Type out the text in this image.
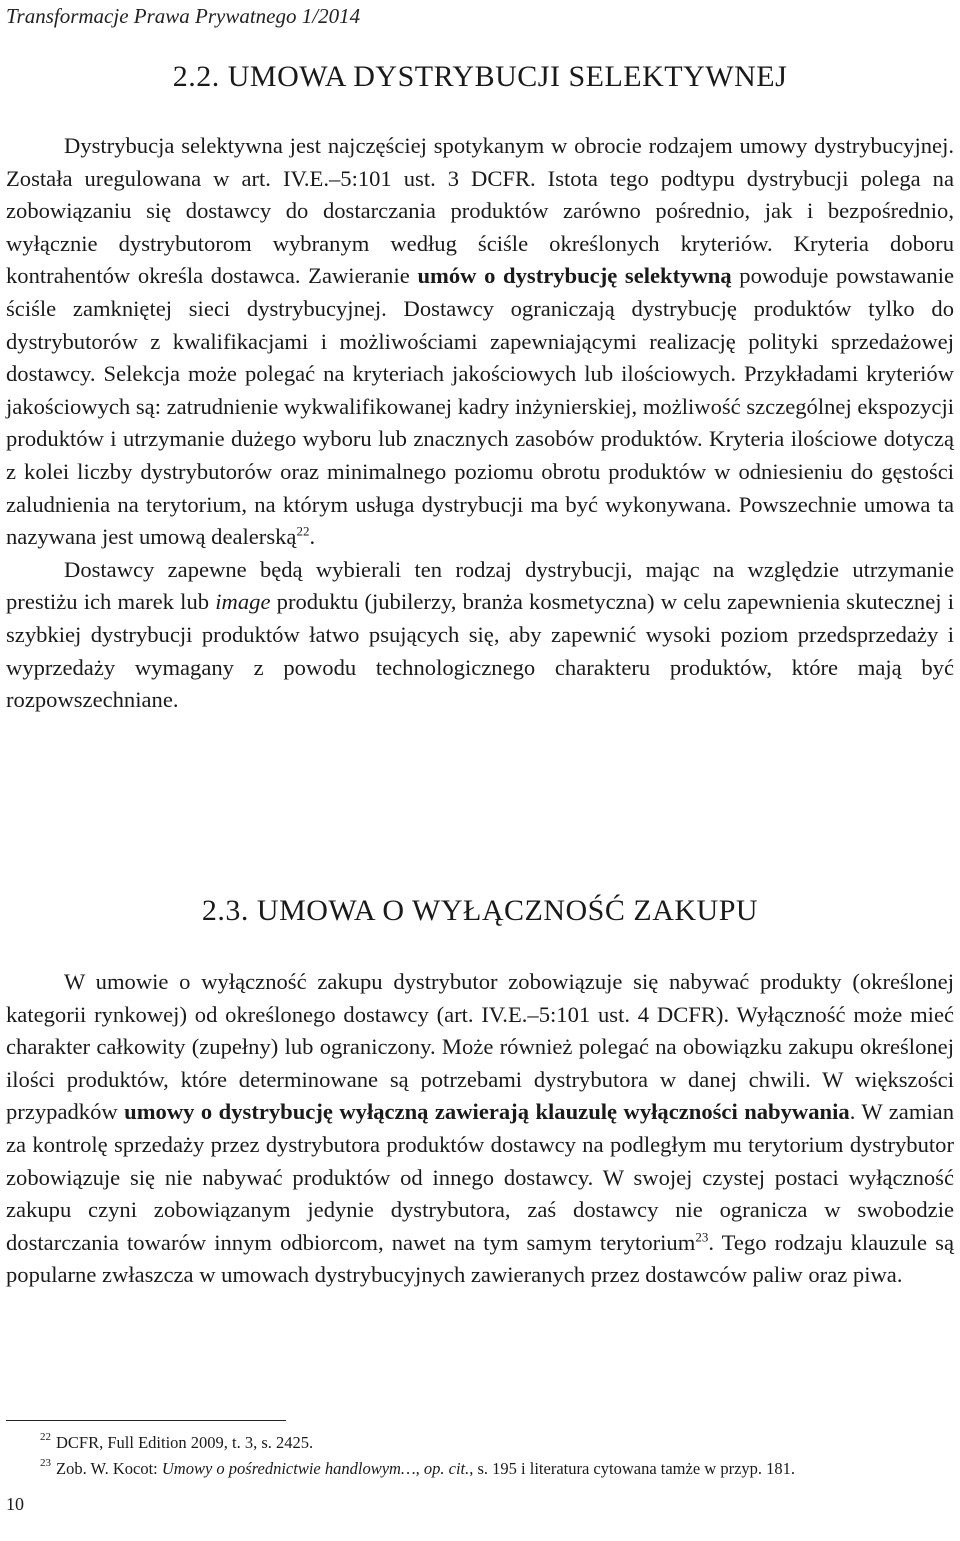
Transformacje Prawa Prywatnego 1/2014
2.2. UMOWA DYSTRYBUCJI SELEKTYWNEJ

Dystrybucja selektywna jest najczęściej spotykanym w obrocie rodzajem umowy dystrybucyjnej. Została uregulowana w art. IV.E.–5:101 ust. 3 DCFR. Istota tego podtypu dystrybucji polega na zobowiązaniu się dostawcy do dostarczania produktów zarówno pośrednio, jak i bezpośrednio, wyłącznie dystrybutorom wybranym według ściśle określonych kryteriów. Kryteria doboru kontrahentów określa dostawca. Zawieranie umów o dystrybucję selektywną powoduje powstawanie ściśle zamkniętej sieci dystrybucyjnej. Dostawcy ograniczają dystrybucję produktów tylko do dystrybutorów z kwalifikacjami i możliwościami zapewniającymi realizację polityki sprzedażowej dostawcy. Selekcja może polegać na kryteriach jakościowych lub ilościowych. Przykładami kryteriów jakościowych są: zatrudnienie wykwalifikowanej kadry inżynierskiej, możliwość szczególnej ekspozycji produktów i utrzymanie dużego wyboru lub znacznych zasobów produktów. Kryteria ilościowe dotyczą z kolei liczby dystrybutorów oraz minimalnego poziomu obrotu produktów w odniesieniu do gęstości zaludnienia na terytorium, na którym usługa dystrybucji ma być wykonywana. Powszechnie umowa ta nazywana jest umową dealerską$^{22}$.

Dostawcy zapewne będą wybierali ten rodzaj dystrybucji, mając na względzie utrzymanie prestiżu ich marek lub image produktu (jubilerzy, branża kosmetyczna) w celu zapewnienia skutecznej i szybkiej dystrybucji produktów łatwo psujących się, aby zapewnić wysoki poziom przedsprzedaży i wyprzedaży wymagany z powodu technologicznego charakteru produktów, które mają być rozpowszechniane.

2.3. UMOWA O WYŁĄCZNOŚĆ ZAKUPU

W umowie o wyłączność zakupu dystrybutor zobowiązuje się nabywać produkty (określonej kategorii rynkowej) od określonego dostawcy (art. IV.E.–5:101 ust. 4 DCFR). Wyłączność może mieć charakter całkowity (zupełny) lub ograniczony. Może również polegać na obowiązku zakupu określonej ilości produktów, które determinowane są potrzebami dystrybutora w danej chwili. W większości przypadków umowy o dystrybucję wyłączną zawierają klauzulę wyłączności nabywania. W zamian za kontrolę sprzedaży przez dystrybutora produktów dostawcy na podległym mu terytorium dystrybutor zobowiązuje się nie nabywać produktów od innego dostawcy. W swojej czystej postaci wyłączność zakupu czyni zobowiązanym jedynie dystrybutora, zaś dostawcy nie ogranicza w swobodzie dostarczania towarów innym odbiorcom, nawet na tym samym terytorium$^{23}$. Tego rodzaju klauzule są popularne zwłaszcza w umowach dystrybucyjnych zawieranych przez dostawców paliw oraz piwa.

22 DCFR, Full Edition 2009, t. 3, s. 2425.
23 Zob. W. Kocot: Umowy o pośrednictwie handlowym…, op. cit., s. 195 i literatura cytowana tamże w przyp. 181.
10
